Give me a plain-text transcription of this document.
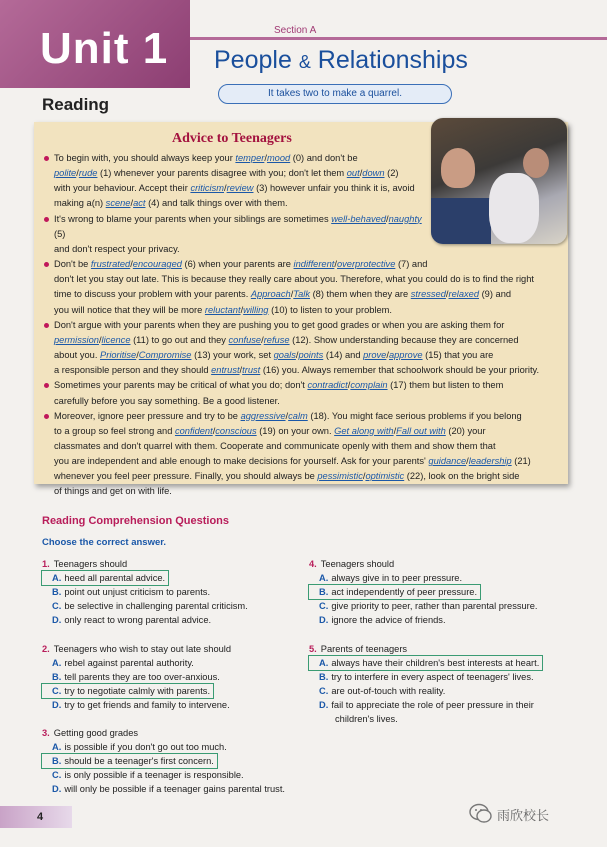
Unit 1	Section A
People & Relationships
It takes two to make a quarrel.
Reading
Advice to Teenagers

To begin with, you should always keep your temper/mood (0) and don't be

polite/rude (1) whenever your parents disagree with you; don't let them out/down (2)

with your behaviour. Accept their criticism/review (3) however unfair you think it is, avoid

making a(n) scene/act (4) and talk things over with them.

It's wrong to blame your parents when your siblings are sometimes well-behaved/naughty (5)

and don't respect your privacy.

Don't be frustrated/encouraged (6) when your parents are indifferent/overprotective (7) and

don't let you stay out late. This is because they really care about you. Therefore, what you could do is to find the right

time to discuss your problem with your parents. Approach/Talk (8) them when they are stressed/relaxed (9) and

you will notice that they will be more reluctant/willing (10) to listen to your problem.

Don't argue with your parents when they are pushing you to get good grades or when you are asking them for

permission/licence (11) to go out and they confuse/refuse (12). Show understanding because they are concerned

about you. Prioritise/Compromise (13) your work, set goals/points (14) and prove/approve (15) that you are

a responsible person and they should entrust/trust (16) you. Always remember that schoolwork should be your priority.

Sometimes your parents may be critical of what you do; don't contradict/complain (17) them but listen to them

carefully before you say something. Be a good listener.

Moreover, ignore peer pressure and try to be aggressive/calm (18). You might face serious problems if you belong

to a group so feel strong and confident/conscious (19) on your own. Get along with/Fall out with (20) your

classmates and don't quarrel with them. Cooperate and communicate openly with them and show them that

you are independent and able enough to make decisions for yourself. Ask for your parents' guidance/leadership (21)

whenever you feel peer pressure. Finally, you should always be pessimistic/optimistic (22), look on the bright side

of things and get on with life.

Reading Comprehension Questions
Choose the correct answer.
1. Teenagers should
A. heed all parental advice.
B. point out unjust criticism to parents.
C. be selective in challenging parental criticism.
D. only react to wrong parental advice.
2. Teenagers who wish to stay out late should
A. rebel against parental authority.
B. tell parents they are too over-anxious.
C. try to negotiate calmly with parents.
D. try to get friends and family to intervene.
3. Getting good grades
A. is possible if you don't go out too much.
B. should be a teenager's first concern.
C. is only possible if a teenager is responsible.
D. will only be possible if a teenager gains parental trust.
4. Teenagers should
A. always give in to peer pressure.
B. act independently of peer pressure.
C. give priority to peer, rather than parental pressure.
D. ignore the advice of friends.
5. Parents of teenagers
A. always have their children's best interests at heart.
B. try to interfere in every aspect of teenagers' lives.
C. are out-of-touch with reality.
D. fail to appreciate the role of peer pressure in their
children's lives.
4	雨欣校长
